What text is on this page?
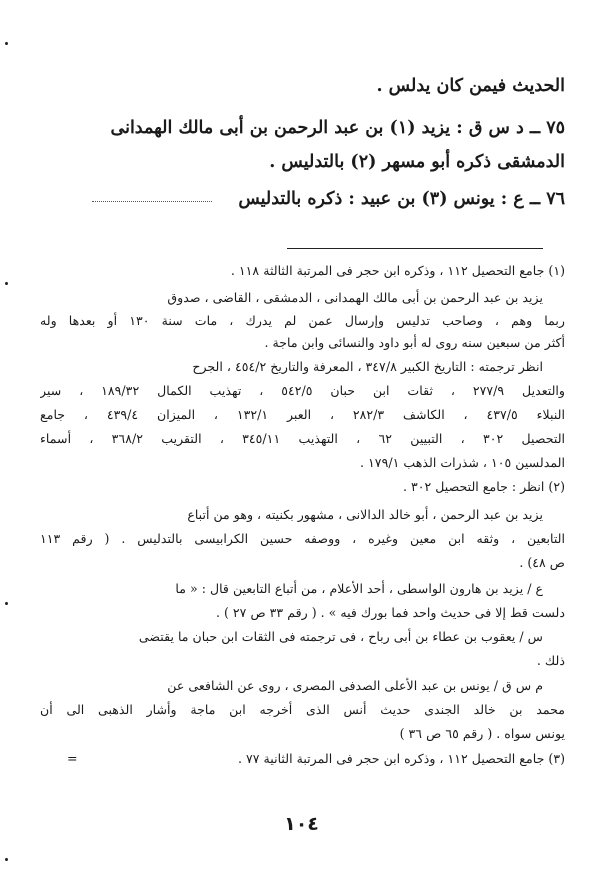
الحديث فيمن كان يدلس .
٧٥ ــ د س ق : يزيد (١) بن عبد الرحمن بن أبى مالك الهمدانى
الدمشقى ذكره أبو مسهر (٢) بالتدليس .
٧٦ ــ ع : يونس (٣) بن عبيد : ذكره بالتدليس
(١) جامع التحصيل ١١٢ ، وذكره ابن حجر فى المرتبة الثالثة ١١٨ .
يزيد بن عبد الرحمن بن أبى مالك الهمدانى ، الدمشقى ، القاضى ، صدوق
ربما وهم ، وصاحب تدليس وإرسال عمن لم يدرك ، مات سنة ١٣٠ أو بعدها وله
أكثر من سبعين سنه روى له أبو داود والنسائى وابن ماجة .
انظر ترجمته : التاريخ الكبير ٣٤٧/٨ ، المعرفة والتاريخ ٤٥٤/٢ ، الجرح
والتعديل ٢٧٧/٩ ، ثقات ابن حبان ٥٤٢/٥ ، تهذيب الكمال ١٨٩/٣٢ ، سير
النبلاء ٤٣٧/٥ ، الكاشف ٢٨٢/٣ ، العبر ١٣٢/١ ، الميزان ٤٣٩/٤ ، جامع
التحصيل ٣٠٢ ، التبيين ٦٢ ، التهذيب ٣٤٥/١١ ، التقريب ٣٦٨/٢ ، أسماء
المدلسين ١٠٥ ، شذرات الذهب ١٧٩/١ .
(٢) انظر : جامع التحصيل ٣٠٢ .
يزيد بن عبد الرحمن ، أبو خالد الدالانى ، مشهور بكنيته ، وهو من أتباع
التابعين ، وثقه ابن معين وغيره ، ووصفه حسين الكرابيسى بالتدليس . ( رقم ١١٣
ص ٤٨) .
ع / يزيد بن هارون الواسطى ، أحد الأعلام ، من أتباع التابعين قال : « ما
دلست قط إلا فى حديث واحد فما بورك فيه » . ( رقم ٣٣ ص ٢٧ ) .
س / يعقوب بن عطاء بن أبى رباح ، فى ترجمته فى الثقات ابن حبان ما يقتضى
ذلك .
م س ق / يونس بن عبد الأعلى الصدفى المصرى ، روى عن الشافعى عن
محمد بن خالد الجندى حديث أنس الذى أخرجه ابن ماجة وأشار الذهبى الى أن
يونس سواه . ( رقم ٦٥ ص ٣٦ )
(٣) جامع التحصيل ١١٢ ، وذكره ابن حجر فى المرتبة الثانية ٧٧ .
=
١٠٤
